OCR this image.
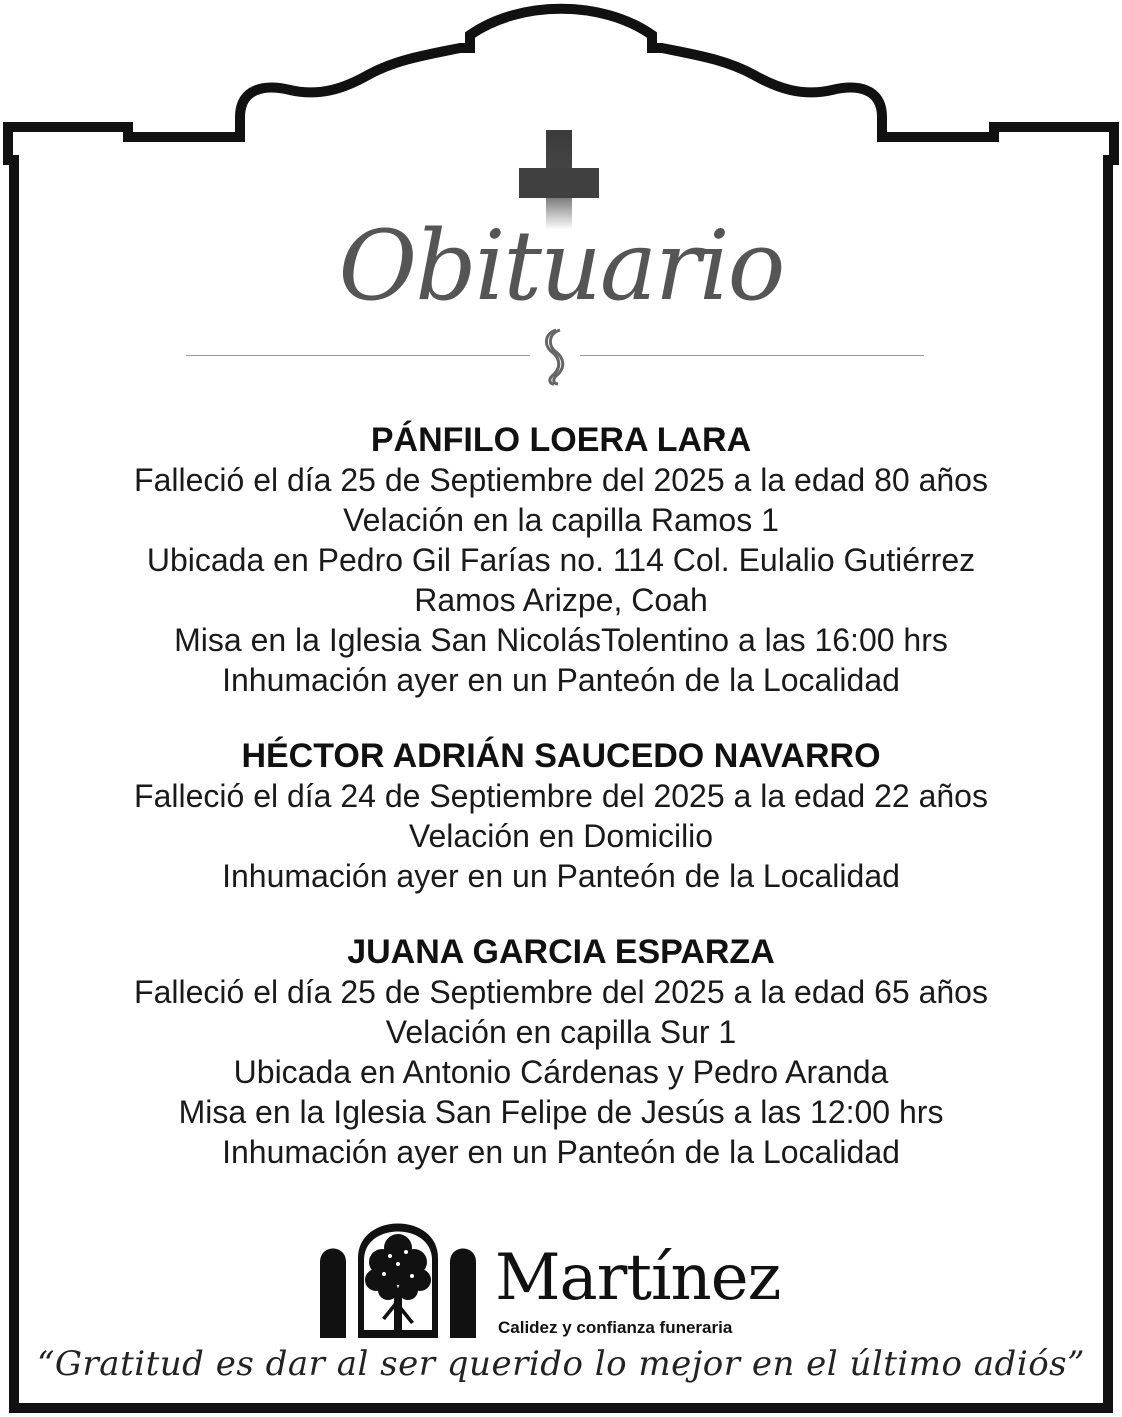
Obituario

PÁNFILO LOERA LARA

Falleció el día 25 de Septiembre del 2025 a la edad 80 años

Velación en la capilla Ramos 1

Ubicada en Pedro Gil Farías no. 114 Col. Eulalio Gutiérrez

Ramos Arizpe, Coah

Misa en la Iglesia San NicolásTolentino a las 16:00 hrs

Inhumación ayer en un Panteón de la Localidad

HÉCTOR ADRIÁN SAUCEDO NAVARRO

Falleció el día 24 de Septiembre del 2025 a la edad 22 años

Velación en Domicilio

Inhumación ayer en un Panteón de la Localidad

JUANA GARCIA ESPARZA

Falleció el día 25 de Septiembre del 2025 a la edad 65 años

Velación en capilla Sur 1

Ubicada en Antonio Cárdenas y Pedro Aranda

Misa en la Iglesia San Felipe de Jesús a las 12:00 hrs

Inhumación ayer en un Panteón de la Localidad

Martínez
Calidez y confianza funeraria
“Gratitud es dar al ser querido lo mejor en el último adiós”
